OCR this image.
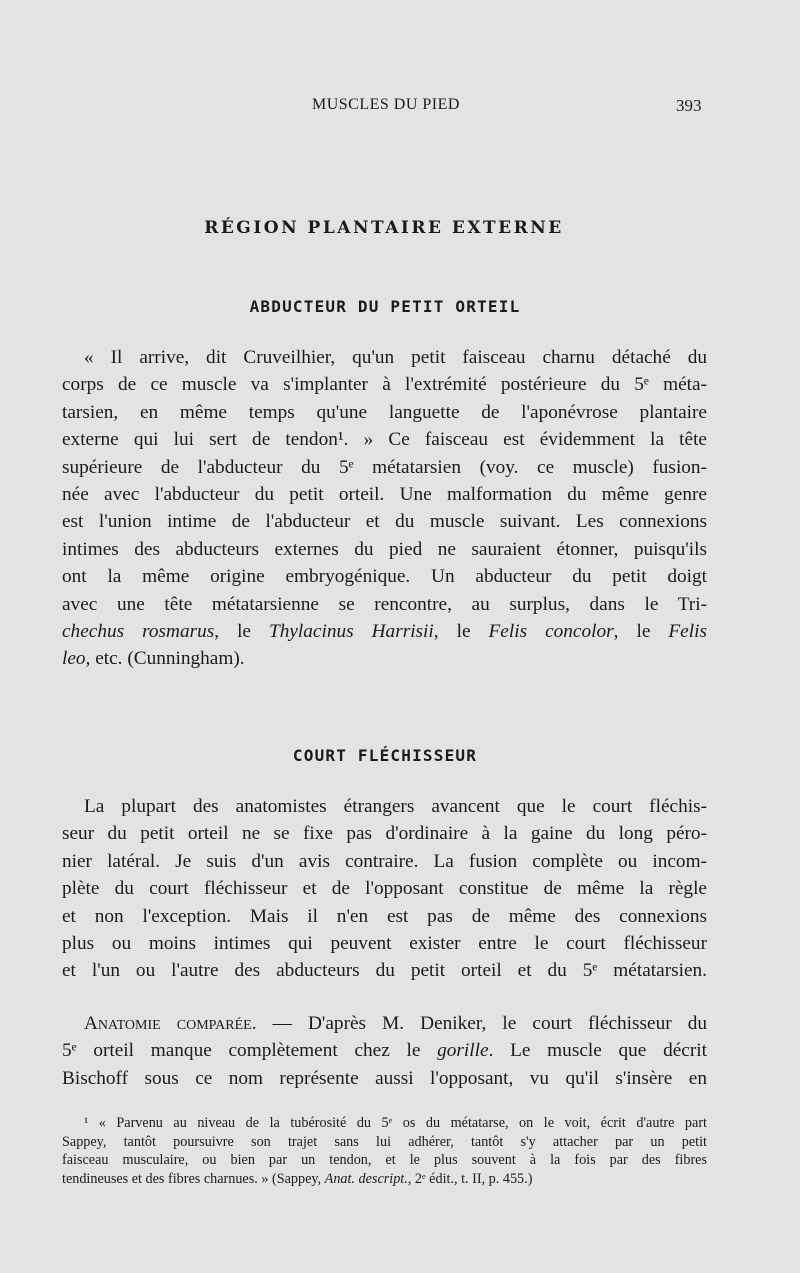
MUSCLES DU PIED	393
RÉGION PLANTAIRE EXTERNE
ABDUCTEUR DU PETIT ORTEIL
« Il arrive, dit Cruveilhier, qu'un petit faisceau charnu détaché du
corps de ce muscle va s'implanter à l'extrémité postérieure du 5ᵉ méta-
tarsien, en même temps qu'une languette de l'aponévrose plantaire
externe qui lui sert de tendon¹. » Ce faisceau est évidemment la tête
supérieure de l'abducteur du 5ᵉ métatarsien (voy. ce muscle) fusion-
née avec l'abducteur du petit orteil. Une malformation du même genre
est l'union intime de l'abducteur et du muscle suivant. Les connexions
intimes des abducteurs externes du pied ne sauraient étonner, puisqu'ils
ont la même origine embryogénique. Un abducteur du petit doigt
avec une tête métatarsienne se rencontre, au surplus, dans le Tri-
chechus rosmarus, le Thylacinus Harrisii, le Felis concolor, le Felis
leo, etc. (Cunningham).
COURT FLÉCHISSEUR
La plupart des anatomistes étrangers avancent que le court fléchis-
seur du petit orteil ne se fixe pas d'ordinaire à la gaine du long péro-
nier latéral. Je suis d'un avis contraire. La fusion complète ou incom-
plète du court fléchisseur et de l'opposant constitue de même la règle
et non l'exception. Mais il n'en est pas de même des connexions
plus ou moins intimes qui peuvent exister entre le court fléchisseur
et l'un ou l'autre des abducteurs du petit orteil et du 5ᵉ métatarsien.
Anatomie comparée. — D'après M. Deniker, le court fléchisseur du
5ᵉ orteil manque complètement chez le gorille. Le muscle que décrit
Bischoff sous ce nom représente aussi l'opposant, vu qu'il s'insère en
¹ « Parvenu au niveau de la tubérosité du 5ᵉ os du métatarse, on le voit, écrit d'autre part
Sappey, tantôt poursuivre son trajet sans lui adhérer, tantôt s'y attacher par un petit
faisceau musculaire, ou bien par un tendon, et le plus souvent à la fois par des fibres
tendineuses et des fibres charnues. » (Sappey, Anat. descript., 2ᵉ édit., t. II, p. 455.)
